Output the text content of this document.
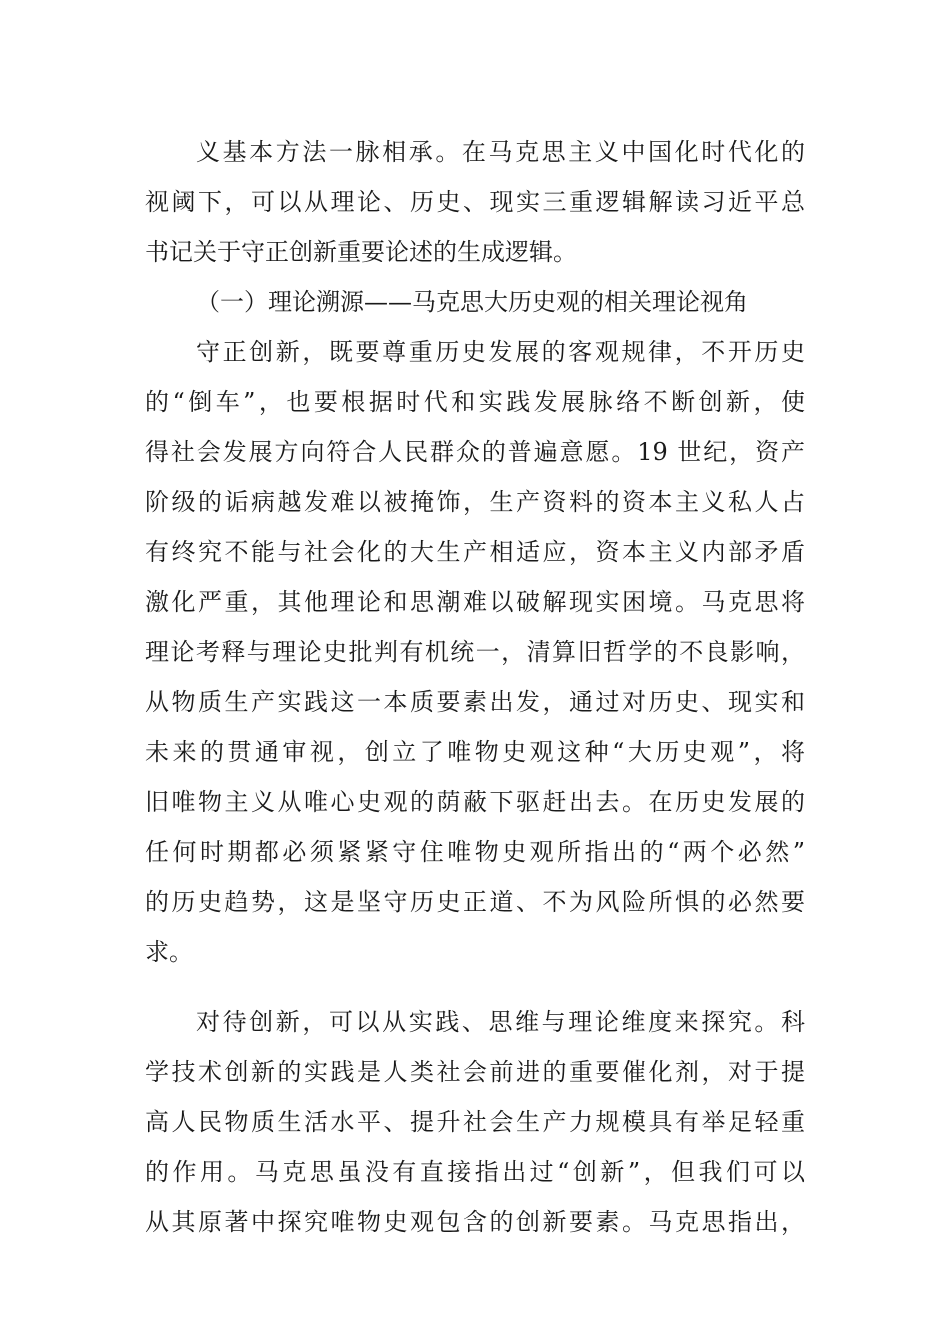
义基本方法一脉相承。在马克思主义中国化时代化的
视阈下，可以从理论、历史、现实三重逻辑解读习近平总
书记关于守正创新重要论述的生成逻辑。
（一）理论溯源——马克思大历史观的相关理论视角
守正创新，既要尊重历史发展的客观规律，不开历史
的“倒车”，也要根据时代和实践发展脉络不断创新，使
得社会发展方向符合人民群众的普遍意愿。19 世纪，资产
阶级的诟病越发难以被掩饰，生产资料的资本主义私人占
有终究不能与社会化的大生产相适应，资本主义内部矛盾
激化严重，其他理论和思潮难以破解现实困境。马克思将
理论考释与理论史批判有机统一，清算旧哲学的不良影响，
从物质生产实践这一本质要素出发，通过对历史、现实和
未来的贯通审视，创立了唯物史观这种“大历史观”，将
旧唯物主义从唯心史观的荫蔽下驱赶出去。在历史发展的
任何时期都必须紧紧守住唯物史观所指出的“两个必然”
的历史趋势，这是坚守历史正道、不为风险所惧的必然要
求。
对待创新，可以从实践、思维与理论维度来探究。科
学技术创新的实践是人类社会前进的重要催化剂，对于提
高人民物质生活水平、提升社会生产力规模具有举足轻重
的作用。马克思虽没有直接指出过“创新”，但我们可以
从其原著中探究唯物史观包含的创新要素。马克思指出，
